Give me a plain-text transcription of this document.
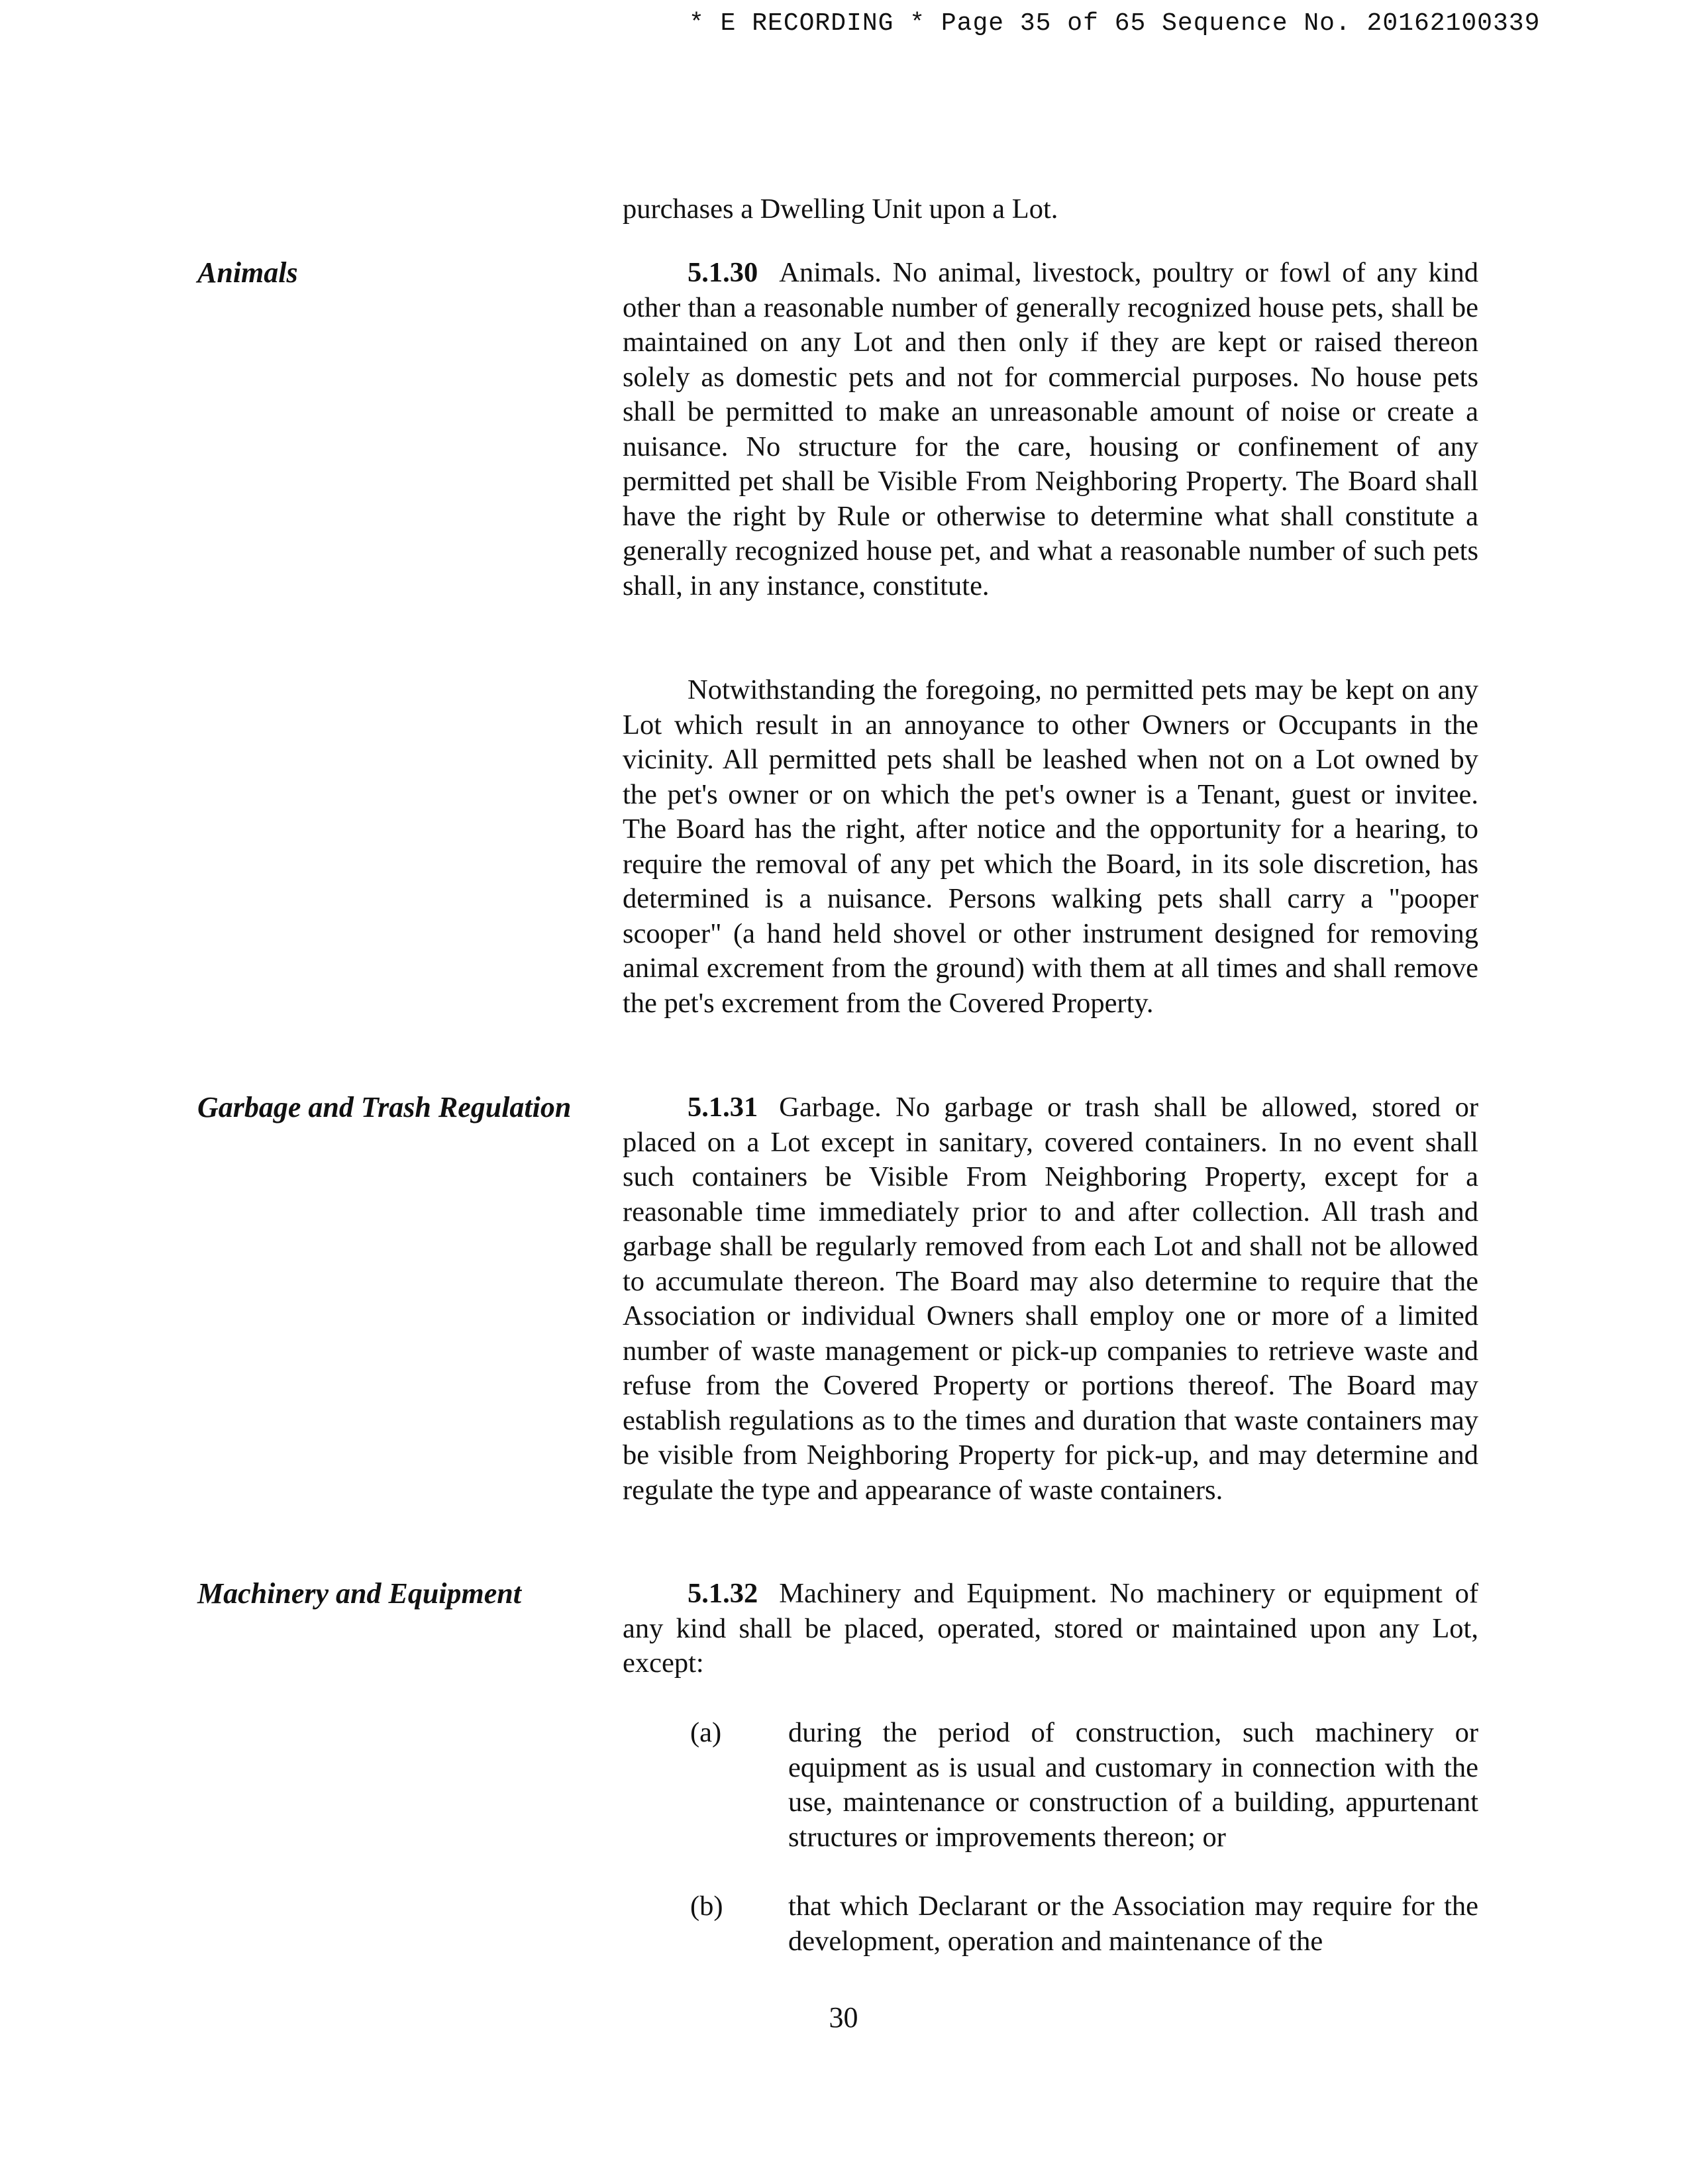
* E RECORDING * Page 35 of 65 Sequence No. 20162100339
purchases a Dwelling Unit upon a Lot.
Animals	5.1.30 Animals. No animal, livestock, poultry or fowl of any kind other than a reasonable number of generally recognized house pets, shall be maintained on any Lot and then only if they are kept or raised thereon solely as domestic pets and not for commercial purposes. No house pets shall be permitted to make an unreasonable amount of noise or create a nuisance. No structure for the care, housing or confinement of any permitted pet shall be Visible From Neighboring Property. The Board shall have the right by Rule or otherwise to determine what shall constitute a generally recognized house pet, and what a reasonable number of such pets shall, in any instance, constitute.
Notwithstanding the foregoing, no permitted pets may be kept on any Lot which result in an annoyance to other Owners or Occupants in the vicinity. All permitted pets shall be leashed when not on a Lot owned by the pet's owner or on which the pet's owner is a Tenant, guest or invitee. The Board has the right, after notice and the opportunity for a hearing, to require the removal of any pet which the Board, in its sole discretion, has determined is a nuisance. Persons walking pets shall carry a "pooper scooper" (a hand held shovel or other instrument designed for removing animal excrement from the ground) with them at all times and shall remove the pet's excrement from the Covered Property.
Garbage and Trash Regulation	5.1.31 Garbage. No garbage or trash shall be allowed, stored or placed on a Lot except in sanitary, covered containers. In no event shall such containers be Visible From Neighboring Property, except for a reasonable time immediately prior to and after collection. All trash and garbage shall be regularly removed from each Lot and shall not be allowed to accumulate thereon. The Board may also determine to require that the Association or individual Owners shall employ one or more of a limited number of waste management or pick-up companies to retrieve waste and refuse from the Covered Property or portions thereof. The Board may establish regulations as to the times and duration that waste containers may be visible from Neighboring Property for pick-up, and may determine and regulate the type and appearance of waste containers.
Machinery and Equipment	5.1.32 Machinery and Equipment. No machinery or equipment of any kind shall be placed, operated, stored or maintained upon any Lot, except:
(a) during the period of construction, such machinery or equipment as is usual and customary in connection with the use, maintenance or construction of a building, appurtenant structures or improvements thereon; or
(b) that which Declarant or the Association may require for the development, operation and maintenance of the
30
